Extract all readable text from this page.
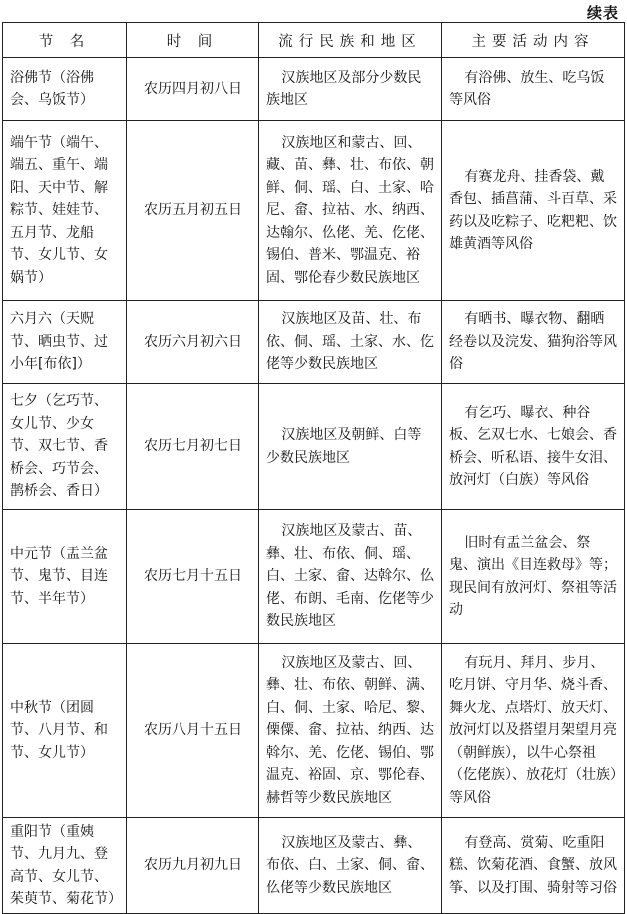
续表
节 名	时 间	流行民族和地区	主要活动内容
浴佛节（浴佛会、乌饭节）	农历四月初八日	汉族地区及部分少数民族地区	有浴佛、放生、吃乌饭等风俗
端午节（端午、端五、重午、端阳、天中节、解粽节、娃娃节、五月节、龙船节、女儿节、女娲节）	农历五月初五日	汉族地区和蒙古、回、藏、苗、彝、壮、布依、朝鲜、侗、瑶、白、土家、哈尼、畲、拉祜、水、纳西、达翰尔、仫佬、羌、仡佬、锡伯、普米、鄂温克、裕固、鄂伦春少数民族地区	有赛龙舟、挂香袋、戴香包、插菖蒲、斗百草、采药以及吃粽子、吃粑粑、饮雄黄酒等风俗
六月六（天贶节、晒虫节、过小年[布依]）	农历六月初六日	汉族地区及苗、壮、布依、侗、瑶、土家、水、仡佬等少数民族地区	有晒书、曝衣物、翻晒经卷以及浣发、猫狗浴等风俗
七夕（乞巧节、女儿节、少女节、双七节、香桥会、巧节会、鹊桥会、香日）	农历七月初七日	汉族地区及朝鲜、白等少数民族地区	有乞巧、曝衣、种谷板、乞双七水、七娘会、香桥会、听私语、接牛女泪、放河灯（白族）等风俗
中元节（盂兰盆节、鬼节、目连节、半年节）	农历七月十五日	汉族地区及蒙古、苗、彝、壮、布依、侗、瑶、白、土家、畲、达斡尔、仫佬、布朗、毛南、仡佬等少数民族地区	旧时有盂兰盆会、祭鬼、演出《目连救母》等；现民间有放河灯、祭祖等活动
中秋节（团圆节、八月节、和节、女儿节）	农历八月十五日	汉族地区及蒙古、回、彝、壮、布依、朝鲜、满、白、侗、土家、哈尼、黎、傈僳、畲、拉祜、纳西、达斡尔、羌、仡佬、锡伯、鄂温克、裕固、京、鄂伦春、赫哲等少数民族地区	有玩月、拜月、步月、吃月饼、守月华、烧斗香、舞火龙、点塔灯、放天灯、放河灯以及搭望月架望月亮（朝鲜族），以牛心祭祖（仡佬族）、放花灯（壮族）等风俗
重阳节（重姨节、九月九、登高节、女儿节、茱萸节、菊花节）	农历九月初九日	汉族地区及蒙古、彝、布依、白、土家、侗、畲、仫佬等少数民族地区	有登高、赏菊、吃重阳糕、饮菊花酒、食蟹、放风筝、以及打围、骑射等习俗
